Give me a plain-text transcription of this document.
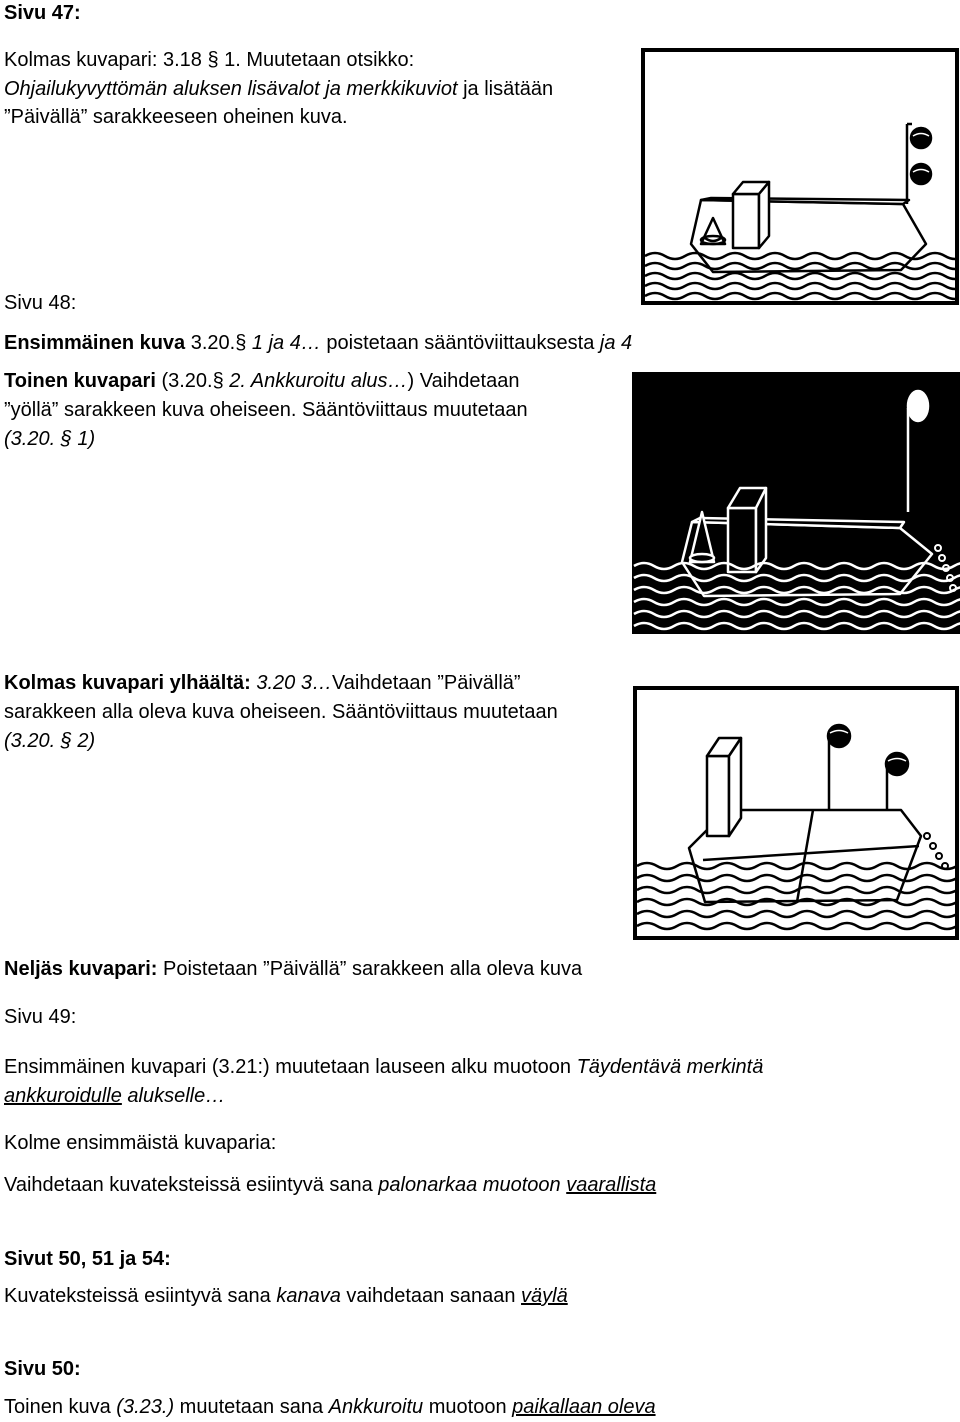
Sivu 47:

Kolmas kuvapari: 3.18 § 1. Muutetaan otsikko:

Ohjailukyvyttömän aluksen lisävalot ja merkkikuviot ja lisätään

”Päivällä” sarakkeeseen oheinen kuva.

Sivu 48:

Ensimmäinen kuva 3.20.§ 1 ja 4… poistetaan sääntöviittauksesta ja 4

Toinen kuvapari (3.20.§ 2. Ankkuroitu alus…) Vaihdetaan

”yöllä” sarakkeen kuva oheiseen. Sääntöviittaus muutetaan

(3.20. § 1)

Kolmas kuvapari ylhäältä: 3.20 3…Vaihdetaan ”Päivällä”

sarakkeen alla oleva kuva oheiseen. Sääntöviittaus muutetaan

(3.20. § 2)

Neljäs kuvapari: Poistetaan ”Päivällä” sarakkeen alla oleva kuva

Sivu 49:

Ensimmäinen kuvapari (3.21:) muutetaan lauseen alku muotoon Täydentävä merkintä

ankkuroidulle alukselle…

Kolme ensimmäistä kuvaparia:

Vaihdetaan kuvateksteissä esiintyvä sana palonarkaa muotoon vaarallista

Sivut 50, 51 ja 54:

Kuvateksteissä esiintyvä sana kanava vaihdetaan sanaan väylä

Sivu 50:

Toinen kuva (3.23.) muutetaan sana Ankkuroitu muotoon paikallaan oleva
